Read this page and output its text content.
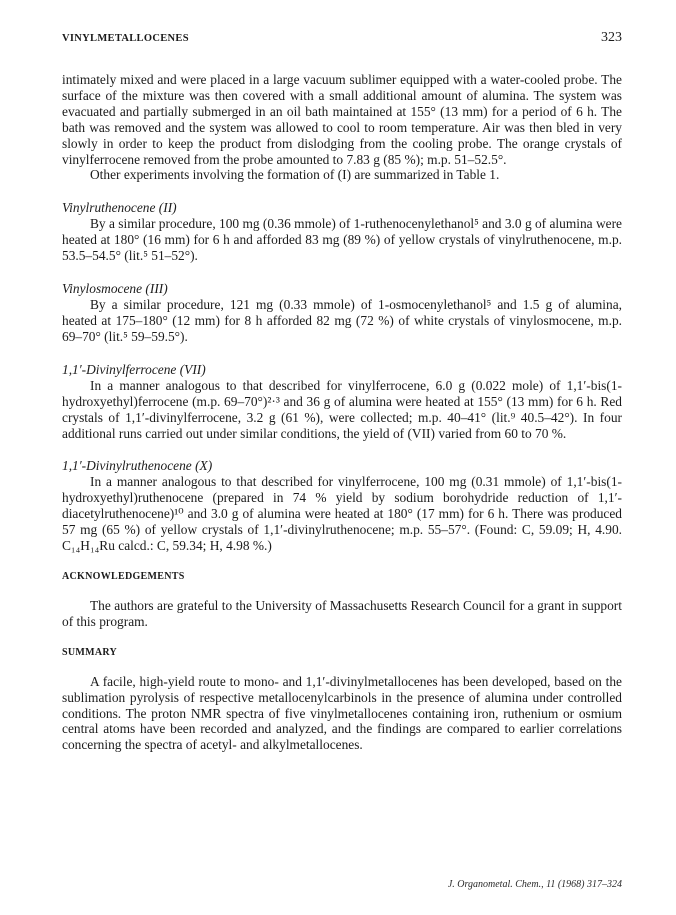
VINYLMETALLOCENES	323

intimately mixed and were placed in a large vacuum sublimer equipped with a water-cooled probe. The surface of the mixture was then covered with a small additional amount of alumina. The system was evacuated and partially submerged in an oil bath maintained at 155° (13 mm) for a period of 6 h. The bath was removed and the system was allowed to cool to room temperature. Air was then bled in very slowly in order to keep the product from dislodging from the cooling probe. The orange crystals of vinylferrocene removed from the probe amounted to 7.83 g (85 %); m.p. 51–52.5°.

Other experiments involving the formation of (I) are summarized in Table 1.

Vinylruthenocene (II)

By a similar procedure, 100 mg (0.36 mmole) of 1-ruthenocenylethanol⁵ and 3.0 g of alumina were heated at 180° (16 mm) for 6 h and afforded 83 mg (89 %) of yellow crystals of vinylruthenocene, m.p. 53.5–54.5° (lit.⁵ 51–52°).

Vinylosmocene (III)

By a similar procedure, 121 mg (0.33 mmole) of 1-osmocenylethanol⁵ and 1.5 g of alumina, heated at 175–180° (12 mm) for 8 h afforded 82 mg (72 %) of white crystals of vinylosmocene, m.p. 69–70° (lit.⁵ 59–59.5°).

1,1′-Divinylferrocene (VII)

In a manner analogous to that described for vinylferrocene, 6.0 g (0.022 mole) of 1,1′-bis(1-hydroxyethyl)ferrocene (m.p. 69–70°)²·³ and 36 g of alumina were heated at 155° (13 mm) for 6 h. Red crystals of 1,1′-divinylferrocene, 3.2 g (61 %), were collected; m.p. 40–41° (lit.⁹ 40.5–42°). In four additional runs carried out under similar conditions, the yield of (VII) varied from 60 to 70 %.

1,1′-Divinylruthenocene (X)

In a manner analogous to that described for vinylferrocene, 100 mg (0.31 mmole) of 1,1′-bis(1-hydroxyethyl)ruthenocene (prepared in 74 % yield by sodium borohydride reduction of 1,1′-diacetylruthenocene)¹⁰ and 3.0 g of alumina were heated at 180° (17 mm) for 6 h. There was produced 57 mg (65 %) of yellow crystals of 1,1′-divinylruthenocene; m.p. 55–57°. (Found: C, 59.09; H, 4.90. C₁₄H₁₄Ru calcd.: C, 59.34; H, 4.98 %.)

ACKNOWLEDGEMENTS

The authors are grateful to the University of Massachusetts Research Council for a grant in support of this program.

SUMMARY

A facile, high-yield route to mono- and 1,1′-divinylmetallocenes has been developed, based on the sublimation pyrolysis of respective metallocenylcarbinols in the presence of alumina under controlled conditions. The proton NMR spectra of five vinylmetallocenes containing iron, ruthenium or osmium central atoms have been recorded and analyzed, and the findings are compared to earlier correlations concerning the spectra of acetyl- and alkylmetallocenes.

J. Organometal. Chem., 11 (1968) 317–324
